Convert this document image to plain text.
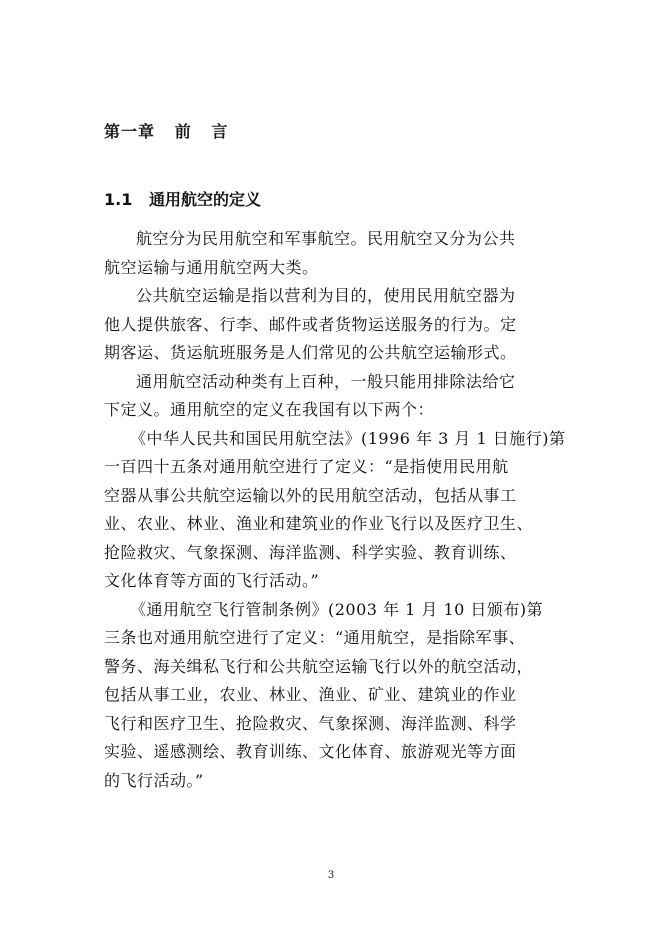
第一章   前   言
1.1   通用航空的定义
航空分为民用航空和军事航空。民用航空又分为公共
航空运输与通用航空两大类。
公共航空运输是指以营利为目的，使用民用航空器为
他人提供旅客、行李、邮件或者货物运送服务的行为。定
期客运、货运航班服务是人们常见的公共航空运输形式。
通用航空活动种类有上百种，一般只能用排除法给它
下定义。通用航空的定义在我国有以下两个：
《中华人民共和国民用航空法》(1996 年 3 月 1 日施行)第
一百四十五条对通用航空进行了定义：“是指使用民用航
空器从事公共航空运输以外的民用航空活动，包括从事工
业、农业、林业、渔业和建筑业的作业飞行以及医疗卫生、
抢险救灾、气象探测、海洋监测、科学实验、教育训练、
文化体育等方面的飞行活动。”
《通用航空飞行管制条例》(2003 年 1 月 10 日颁布)第
三条也对通用航空进行了定义：“通用航空，是指除军事、
警务、海关缉私飞行和公共航空运输飞行以外的航空活动，
包括从事工业，农业、林业、渔业、矿业、建筑业的作业
飞行和医疗卫生、抢险救灾、气象探测、海洋监测、科学
实验、遥感测绘、教育训练、文化体育、旅游观光等方面
的飞行活动。”
3
